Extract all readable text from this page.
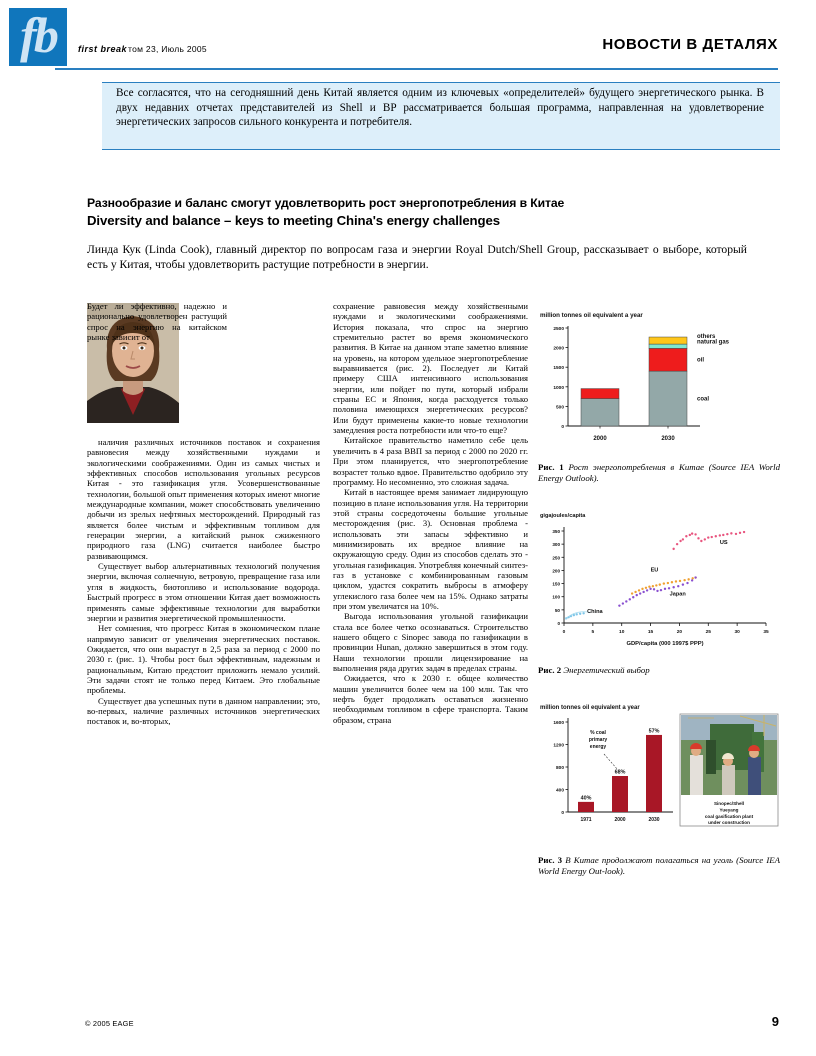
fb	first break том 23, Июль 2005	НОВОСТИ В ДЕТАЛЯХ
Все согласятся, что на сегодняшний день Китай является одним из ключевых «определителей» будущего энергетического рынка. В двух недавних отчетах представителей из Shell и BP рассматривается большая программа, направленная на удовлетворение энергетических запросов сильного конкурента и потребителя.
Разнообразие и баланс смогут удовлетворить рост энергопотребления в Китае
Diversity and balance – keys to meeting China's energy challenges
Линда Кук (Linda Cook), главный директор по вопросам газа и энергии Royal Dutch/Shell Group, рассказывает о выборе, который есть у Китая, чтобы удовлетворить растущие потребности в энергии.

Будет ли эффективно, надежно и рационально удовлетворен растущий спрос на энергию на китайском рынке зависит от

наличия различных источников поставок и сохранения равновесия между хозяйственными нуждами и экологическими соображениями. Один из самых чистых и эффективных способов использования угольных ресурсов Китая - это газификация угля. Усовершенствованные технологии, большой опыт применения которых имеют многие международные компании, может способствовать увеличению добычи из зрелых нефтяных месторождений. Природный газ является более чистым и эффективным топливом для генерации энергии, а китайский рынок сжиженного природного газа (LNG) считается наиболее быстро развивающимся.

Существует выбор альтернативных технологий получения энергии, включая солнечную, ветровую, превращение газа или угля в жидкость, биотопливо и использование водорода. Быстрый прогресс в этом отношении Китая дает возможность применять самые эффективные технологии для выработки энергии и развития энергетической промышленности.

Нет сомнения, что прогресс Китая в экономическом плане напрямую зависит от увеличения энергетических поставок. Ожидается, что они вырастут в 2,5 раза за период с 2000 по 2030 г. (рис. 1). Чтобы рост был эффективным, надежным и рациональным, Китаю предстоит приложить немало усилий. Эти задачи стоят не только перед Китаем. Это глобальные проблемы.

Существует два успешных пути в данном направлении; это, во-первых, наличие различных источников энергетических поставок и, во-вторых,

сохранение равновесия между хозяйственными нуждами и экологическими соображениями. История показала, что спрос на энергию стремительно растет во время экономического развития. В Китае на данном этапе заметно влияние на уровень, на котором удельное энергопотребление выравнивается (рис. 2). Последует ли Китай примеру США интенсивного использования энергии, или пойдет по пути, который избрали страны ЕС и Япония, когда расходуется только половина имеющихся энергетических ресурсов? Или будут применены какие-то новые технологии замедления роста потребности или что-то еще?

Китайское правительство наметило себе цель увеличить в 4 раза ВВП за период с 2000 по 2020 гг. При этом планируется, что энергопотребление возрастет только вдвое. Правительство одобрило эту программу. Но несомненно, это сложная задача.

Китай в настоящее время занимает лидирующую позицию в плане использования угля. На территории этой страны сосредоточены большие угольные месторождения (рис. 3). Основная проблема - использовать эти запасы эффективно и минимизировать их вредное влияние на окружающую среду. Один из способов сделать это - угольная газификация. Употребляя конечный синтез-газ в установке с комбинированным газовым циклом, удастся сократить выбросы в атмоферу углекислого газа более чем на 15%. Однако затраты при этом увеличатся на 10%.

Выгода использования угольной газификации стала все более четко осознаваться. Строительство нашего общего с Sinopec завода по газификации в провинции Hunan, должно завершиться в этом году. Наши технологии прошли лицензирование на выполнения ряда других задач в пределах страны.

Ожидается, что к 2030 г. общее количество машин увеличится более чем на 100 млн. Так что нефть будет продолжать оставаться жизненно необходимым топливом в сфере транспорта. Таким образом, страна

million tonnes oil equivalent a year
2500
2000
1500
1000
500
0
2000	2030
others
natural gas
oil
coal
Рис. 1 Рост энергопотребления в Китае (Source IEA World Energy Outlook).
gigajoules/capita
350
300
250
200
150
100
50
0
0	5	10	15	20	25	30	35
GDP/capita (000 1997$ PPP)
US
EU
Japan
China
Рис. 2 Энергетический выбор
million tonnes oil equivalent a year
1600
1200
800
400
0
40%
1971
68%
2000
57%
2030
% coal
primary
energy
Sinopec/Shell
Yueyang
coal gasification plant
under construction
Рис. 3 В Китае продолжают полагаться на уголь (Source IEA World Energy Out-look).
© 2005 EAGE	9
